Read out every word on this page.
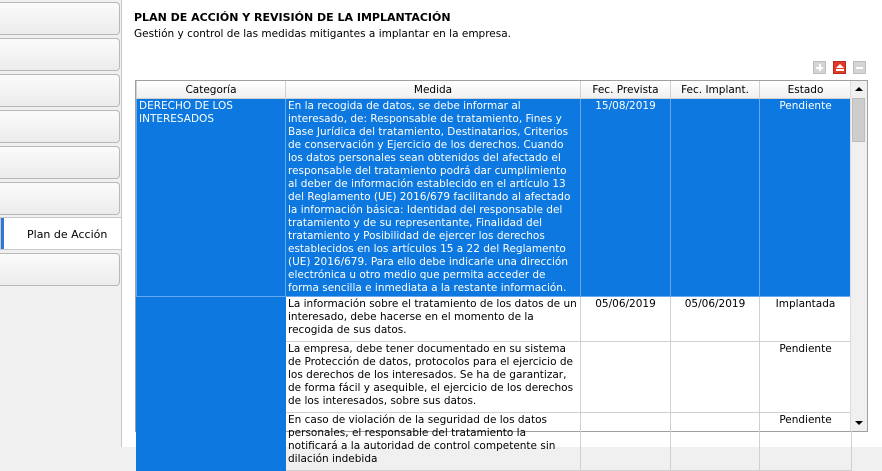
Plan de Acción
PLAN DE ACCIÓN Y REVISIÓN DE LA IMPLANTACIÓN
Gestión y control de las medidas mitigantes a implantar en la empresa.
Categoría	Medida	Fec. Prevista	Fec. Implant.	Estado
DERECHO DE LOS INTERESADOS	En la recogida de datos, se debe informar al interesado, de: Responsable de tratamiento, Fines y Base Jurídica del tratamiento, Destinatarios, Criterios de conservación y Ejercicio de los derechos. Cuando los datos personales sean obtenidos del afectado el responsable del tratamiento podrá dar cumplimiento al deber de información establecido en el artículo 13 del Reglamento (UE) 2016/679 facilitando al afectado la información básica: Identidad del responsable del tratamiento y de su representante, Finalidad del tratamiento y Posibilidad de ejercer los derechos establecidos en los artículos 15 a 22 del Reglamento (UE) 2016/679. Para ello debe indicarle una dirección electrónica u otro medio que permita acceder de forma sencilla e inmediata a la restante información.	15/08/2019		Pendiente
	La información sobre el tratamiento de los datos de un interesado, debe hacerse en el momento de la recogida de sus datos.	05/06/2019	05/06/2019	Implantada
	La empresa, debe tener documentado en su sistema de Protección de datos, protocolos para el ejercicio de los derechos de los interesados. Se ha de garantizar, de forma fácil y asequible, el ejercicio de los derechos de los interesados, sobre sus datos.			Pendiente
	En caso de violación de la seguridad de los datos personales, el responsable del tratamiento la notificará a la autoridad de control competente sin dilación indebida			Pendiente
